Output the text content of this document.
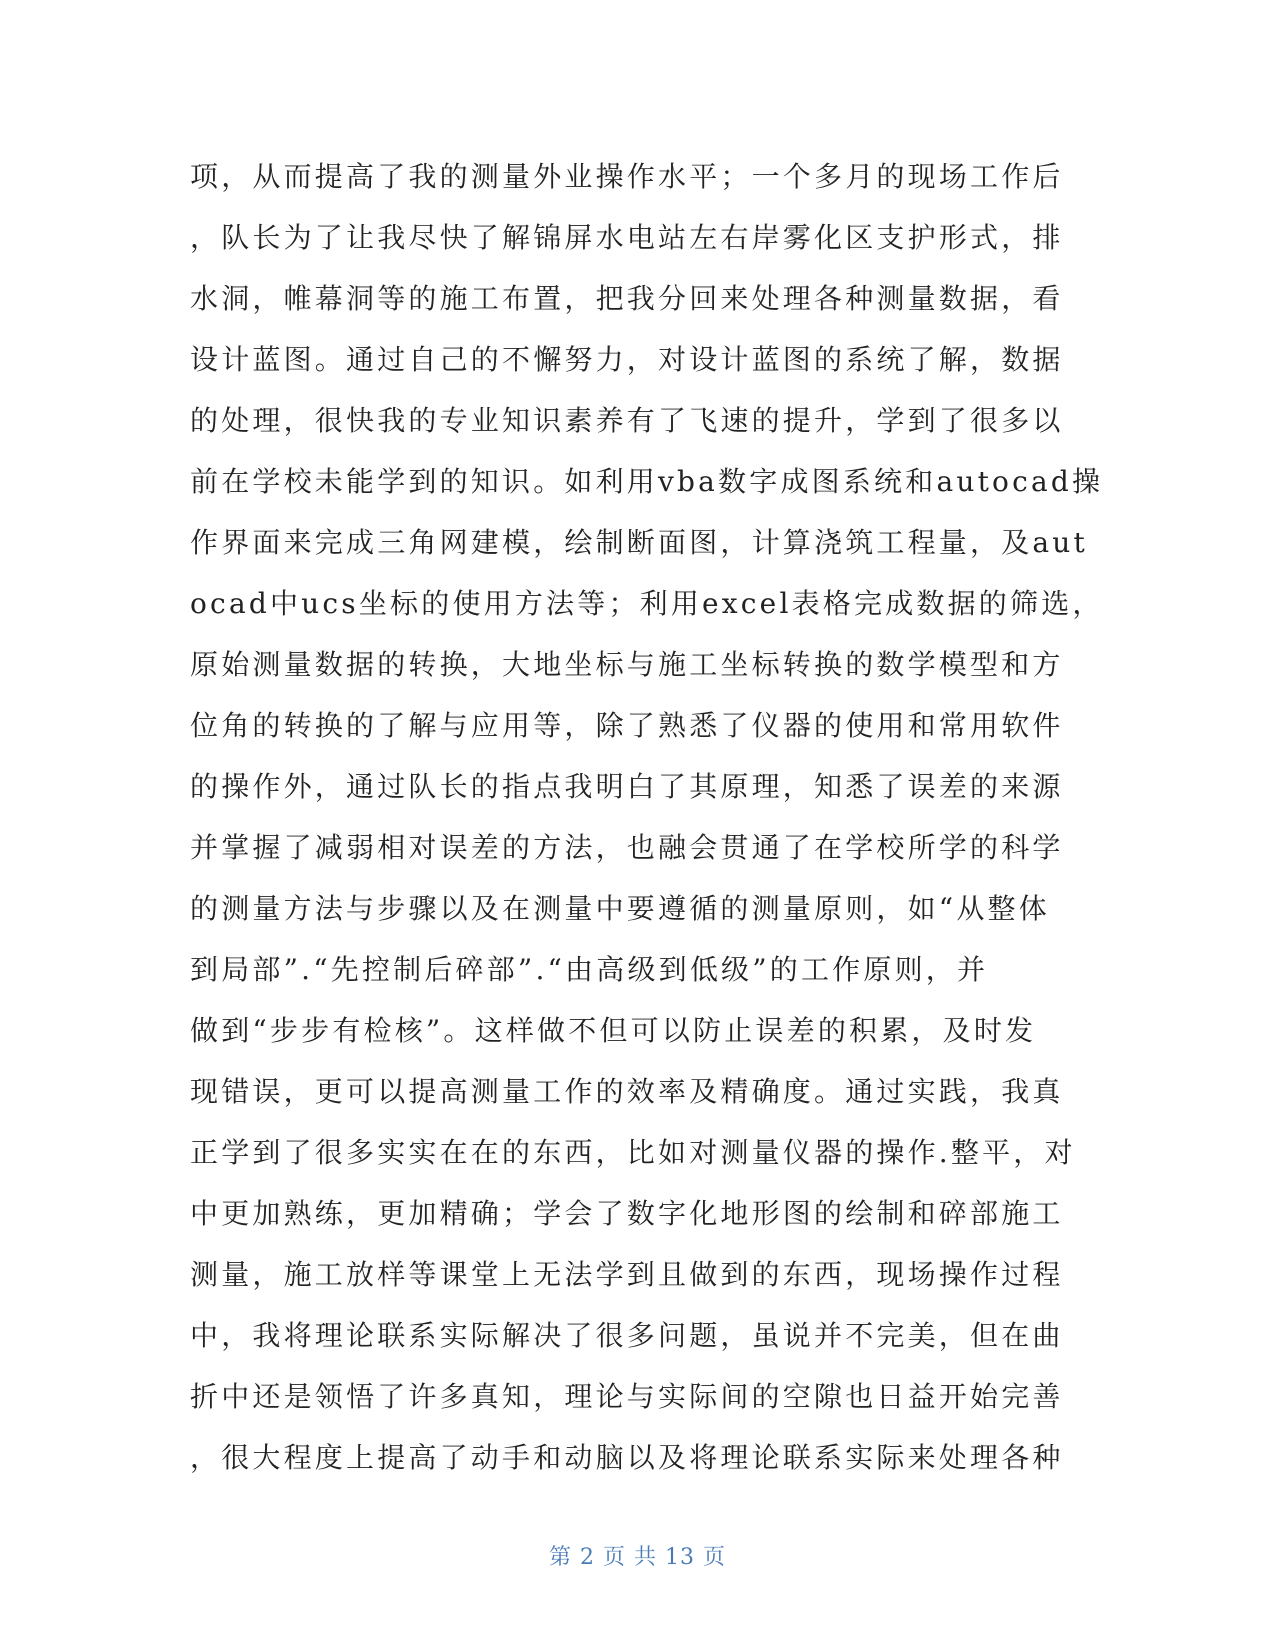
项，从而提高了我的测量外业操作水平；一个多月的现场工作后
，队长为了让我尽快了解锦屏水电站左右岸雾化区支护形式，排
水洞，帷幕洞等的施工布置，把我分回来处理各种测量数据，看
设计蓝图。通过自己的不懈努力，对设计蓝图的系统了解，数据
的处理，很快我的专业知识素养有了飞速的提升，学到了很多以
前在学校未能学到的知识。如利用vba数字成图系统和autocad操
作界面来完成三角网建模，绘制断面图，计算浇筑工程量，及aut
ocad中ucs坐标的使用方法等；利用excel表格完成数据的筛选，
原始测量数据的转换，大地坐标与施工坐标转换的数学模型和方
位角的转换的了解与应用等，除了熟悉了仪器的使用和常用软件
的操作外，通过队长的指点我明白了其原理，知悉了误差的来源
并掌握了减弱相对误差的方法，也融会贯通了在学校所学的科学
的测量方法与步骤以及在测量中要遵循的测量原则，如“从整体
到局部”.“先控制后碎部”.“由高级到低级”的工作原则，并
做到“步步有检核”。这样做不但可以防止误差的积累，及时发
现错误，更可以提高测量工作的效率及精确度。通过实践，我真
正学到了很多实实在在的东西，比如对测量仪器的操作.整平，对
中更加熟练，更加精确；学会了数字化地形图的绘制和碎部施工
测量，施工放样等课堂上无法学到且做到的东西，现场操作过程
中，我将理论联系实际解决了很多问题，虽说并不完美，但在曲
折中还是领悟了许多真知，理论与实际间的空隙也日益开始完善
，很大程度上提高了动手和动脑以及将理论联系实际来处理各种
第 2 页 共 13 页
